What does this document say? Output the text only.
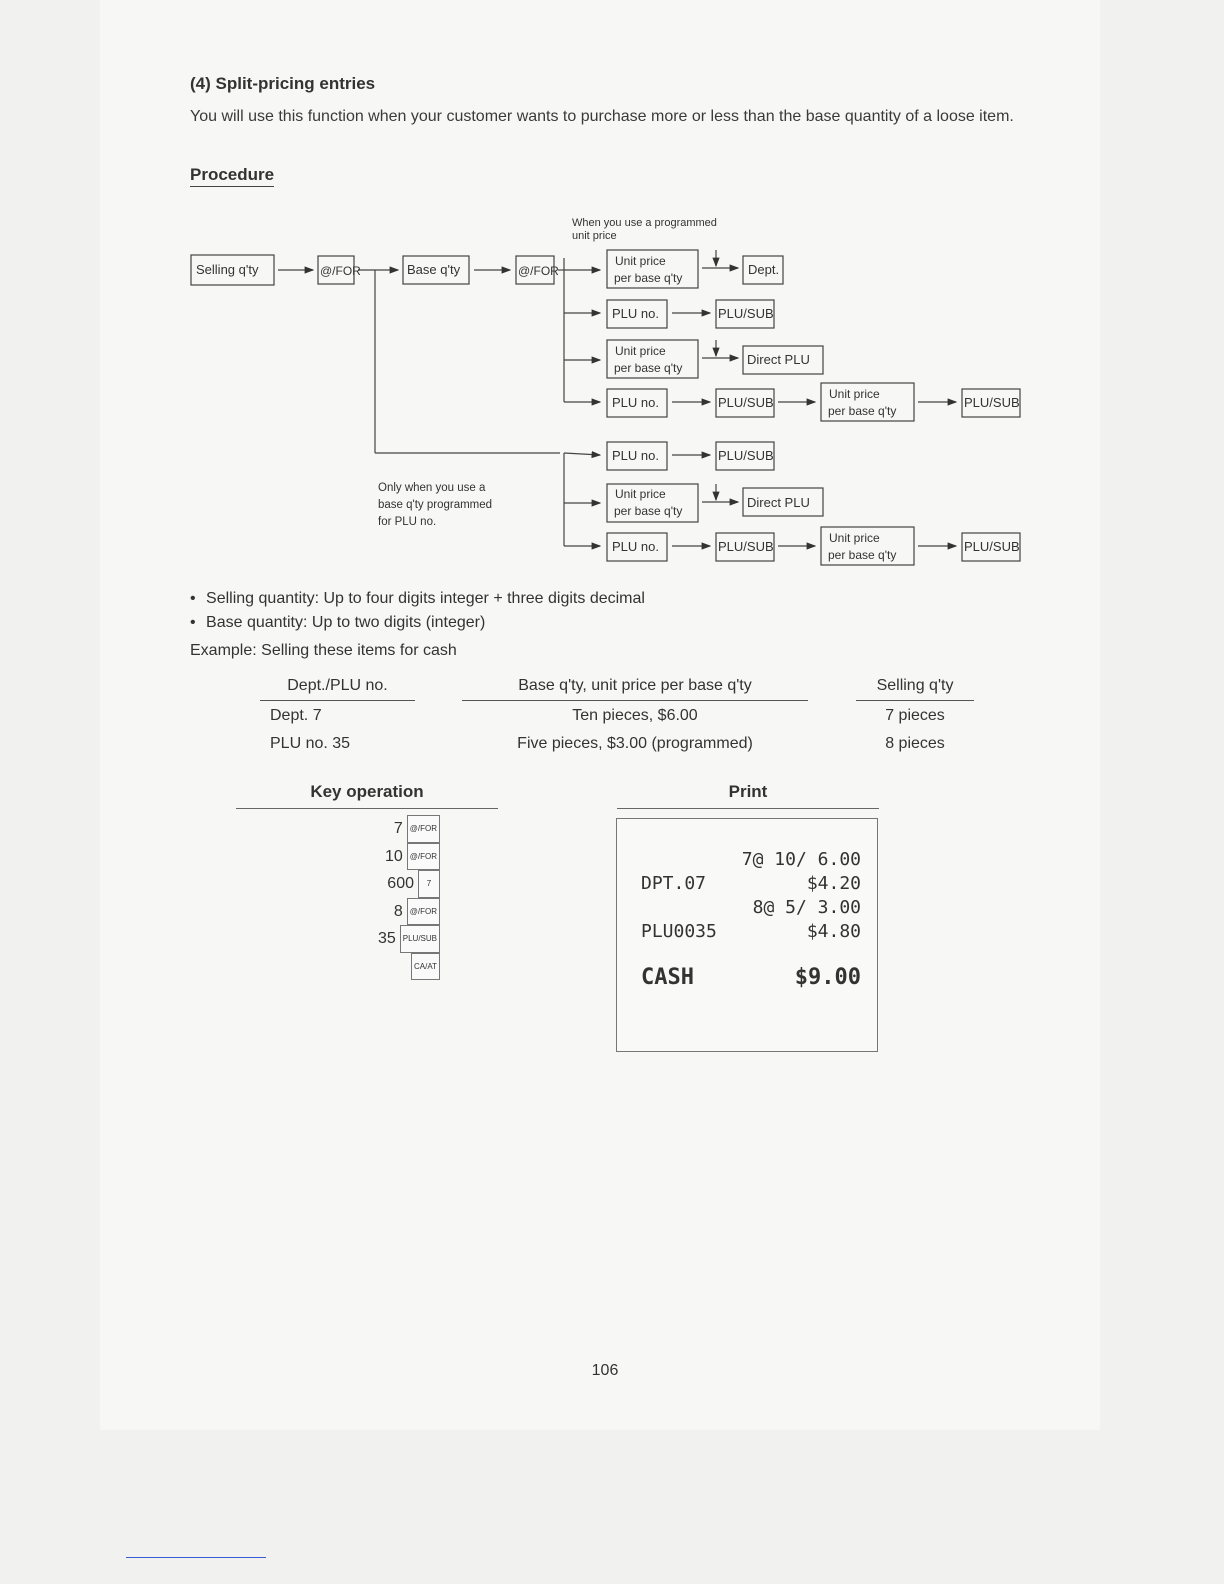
(4) Split-pricing entries
You will use this function when your customer wants to purchase more or less than the base quantity of a loose item.
Procedure
When you use a programmed
unit price
Selling q'ty	@/FOR	Base q'ty	@/FOR
Unit price
per base q'ty
Dept.
PLU no.	PLU/SUB
Unit price
per base q'ty
Direct PLU
PLU no.	PLU/SUB
Unit price
per base q'ty
PLU/SUB
Only when you use a
base q'ty programmed
for PLU no.
PLU no.	PLU/SUB
Unit price
per base q'ty
Direct PLU
PLU no.	PLU/SUB
Unit price
per base q'ty
PLU/SUB
• Selling quantity: Up to four digits integer + three digits decimal
• Base quantity: Up to two digits (integer)
Example: Selling these items for cash
Dept./PLU no.	Base q'ty, unit price per base q'ty	Selling q'ty
Dept. 7	Ten pieces, $6.00	7 pieces
PLU no. 35	Five pieces, $3.00 (programmed)	8 pieces
Key operation	Print
7 @/FOR
10 @/FOR
600 7
8 @/FOR
35 PLU/SUB
CA/AT
7@ 10/ 6.00
DPT.07	$4.20
8@ 5/ 3.00
PLU0035	$4.80
CASH	$9.00
106
